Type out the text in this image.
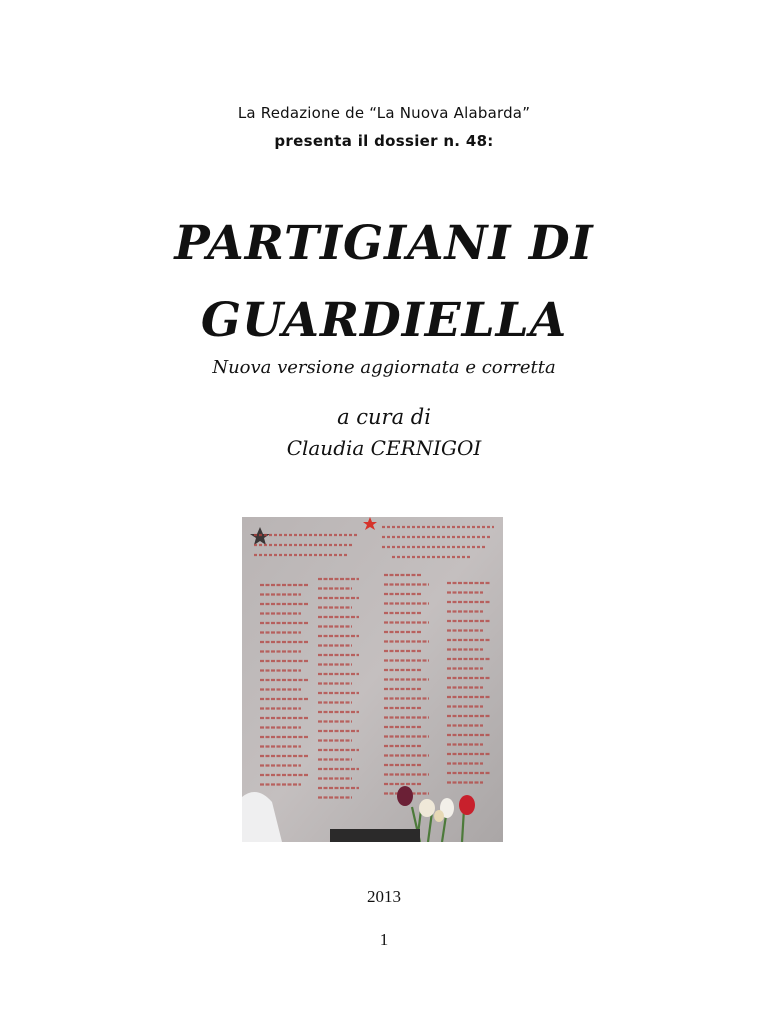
La Redazione de “La Nuova Alabarda”
presenta il dossier n. 48:
PARTIGIANI DI
GUARDIELLA
Nuova versione aggiornata e corretta
a cura di
Claudia CERNIGOI
2013
1
